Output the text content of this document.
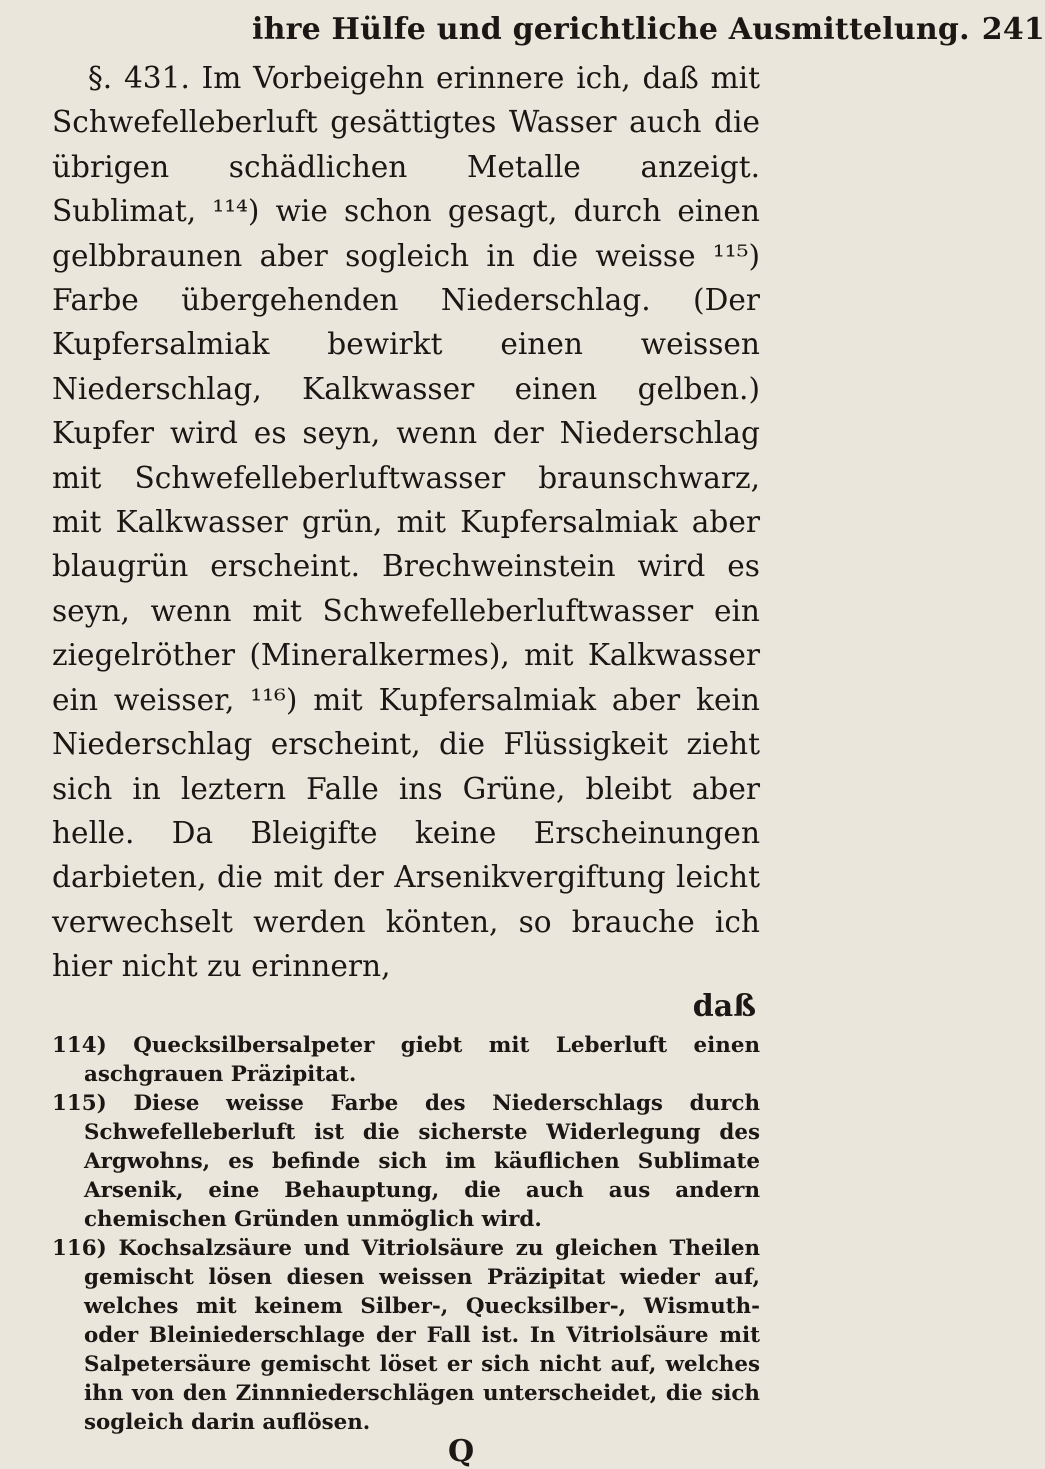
ihre Hülfe und gerichtliche Ausmittelung. 241

§. 431. Im Vorbeigehn erinnere ich, daß mit Schwefelleberluft gesättigtes Wasser auch die übrigen schädlichen Metalle anzeigt. Sublimat, ¹¹⁴) wie schon gesagt, durch einen gelbbraunen aber sogleich in die weisse ¹¹⁵) Farbe übergehenden Niederschlag. (Der Kupfersalmiak bewirkt einen weissen Niederschlag, Kalkwasser einen gelben.) Kupfer wird es seyn, wenn der Niederschlag mit Schwefelleberluftwasser braunschwarz, mit Kalkwasser grün, mit Kupfersalmiak aber blaugrün erscheint. Brechweinstein wird es seyn, wenn mit Schwefelleberluftwasser ein ziegelröther (Mineralkermes), mit Kalkwasser ein weisser, ¹¹⁶) mit Kupfersalmiak aber kein Niederschlag erscheint, die Flüssigkeit zieht sich in leztern Falle ins Grüne, bleibt aber helle. Da Bleigifte keine Erscheinungen darbieten, die mit der Arsenikvergiftung leicht verwechselt werden könten, so brauche ich hier nicht zu erinnern,

daß

114) Quecksilbersalpeter giebt mit Leberluft einen aschgrauen Präzipitat.

115) Diese weisse Farbe des Niederschlags durch Schwefelleberluft ist die sicherste Widerlegung des Argwohns, es befinde sich im käuflichen Sublimate Arsenik, eine Behauptung, die auch aus andern chemischen Gründen unmöglich wird.

116) Kochsalzsäure und Vitriolsäure zu gleichen Theilen gemischt lösen diesen weissen Präzipitat wieder auf, welches mit keinem Silber-, Quecksilber-, Wismuth- oder Bleiniederschlage der Fall ist. In Vitriolsäure mit Salpetersäure gemischt löset er sich nicht auf, welches ihn von den Zinnniederschlägen unterscheidet, die sich sogleich darin auflösen.

Q
